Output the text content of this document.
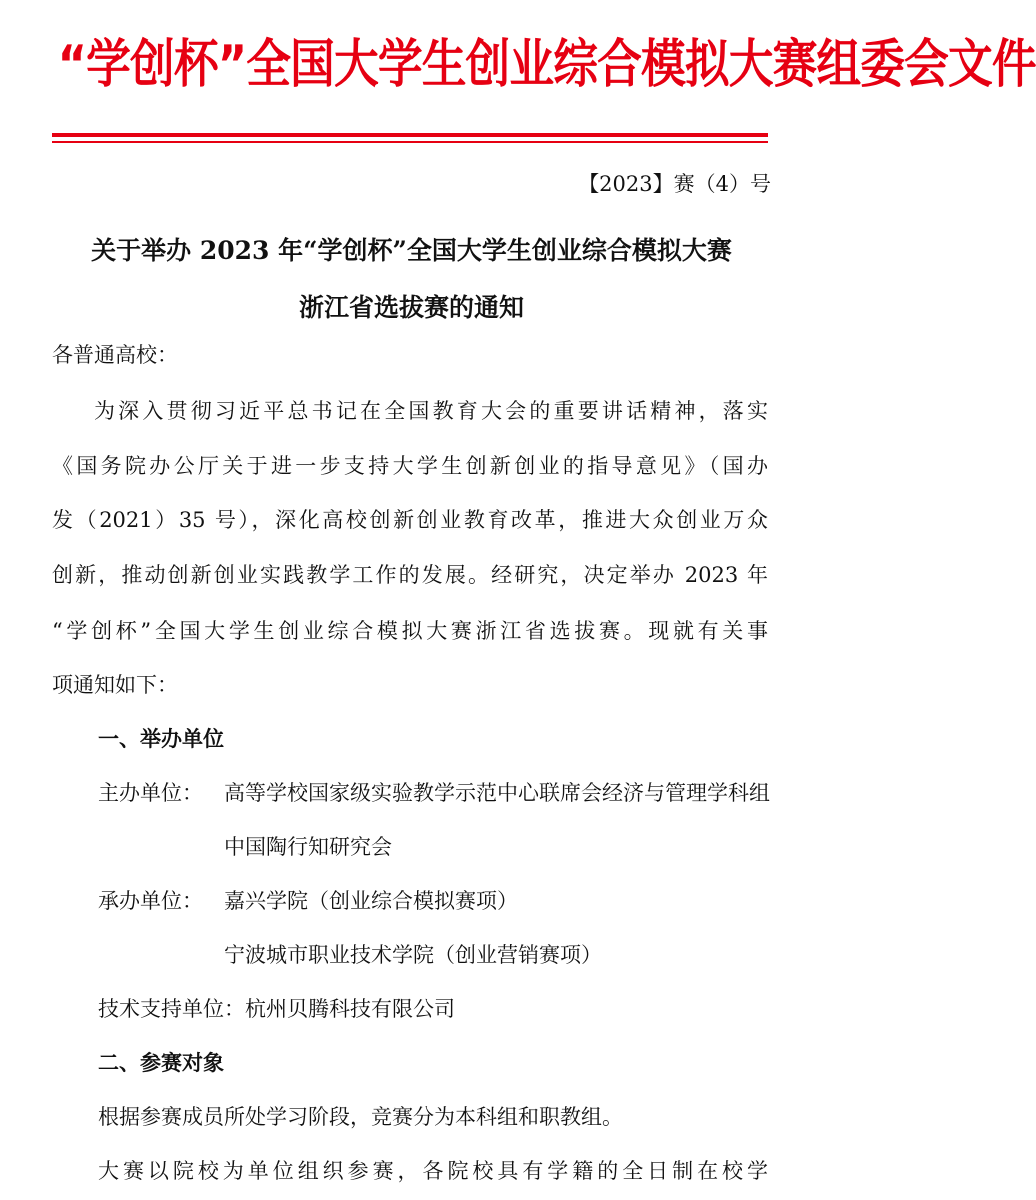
“学创杯”全国大学生创业综合模拟大赛组委会文件
【2023】赛（4）号
关于举办 2023 年“学创杯”全国大学生创业综合模拟大赛
浙江省选拔赛的通知
各普通高校：
为深入贯彻习近平总书记在全国教育大会的重要讲话精神，落实
《国务院办公厅关于进一步支持大学生创新创业的指导意见》（国办
发（2021）35 号），深化高校创新创业教育改革，推进大众创业万众
创新，推动创新创业实践教学工作的发展。经研究，决定举办 2023 年
“学创杯”全国大学生创业综合模拟大赛浙江省选拔赛。现就有关事
项通知如下：
一、举办单位
主办单位： 高等学校国家级实验教学示范中心联席会经济与管理学科组
中国陶行知研究会
承办单位： 嘉兴学院（创业综合模拟赛项）
宁波城市职业技术学院（创业营销赛项）
技术支持单位：杭州贝腾科技有限公司
二、参赛对象
根据参赛成员所处学习阶段，竞赛分为本科组和职教组。
大赛以院校为单位组织参赛，各院校具有学籍的全日制在校学
